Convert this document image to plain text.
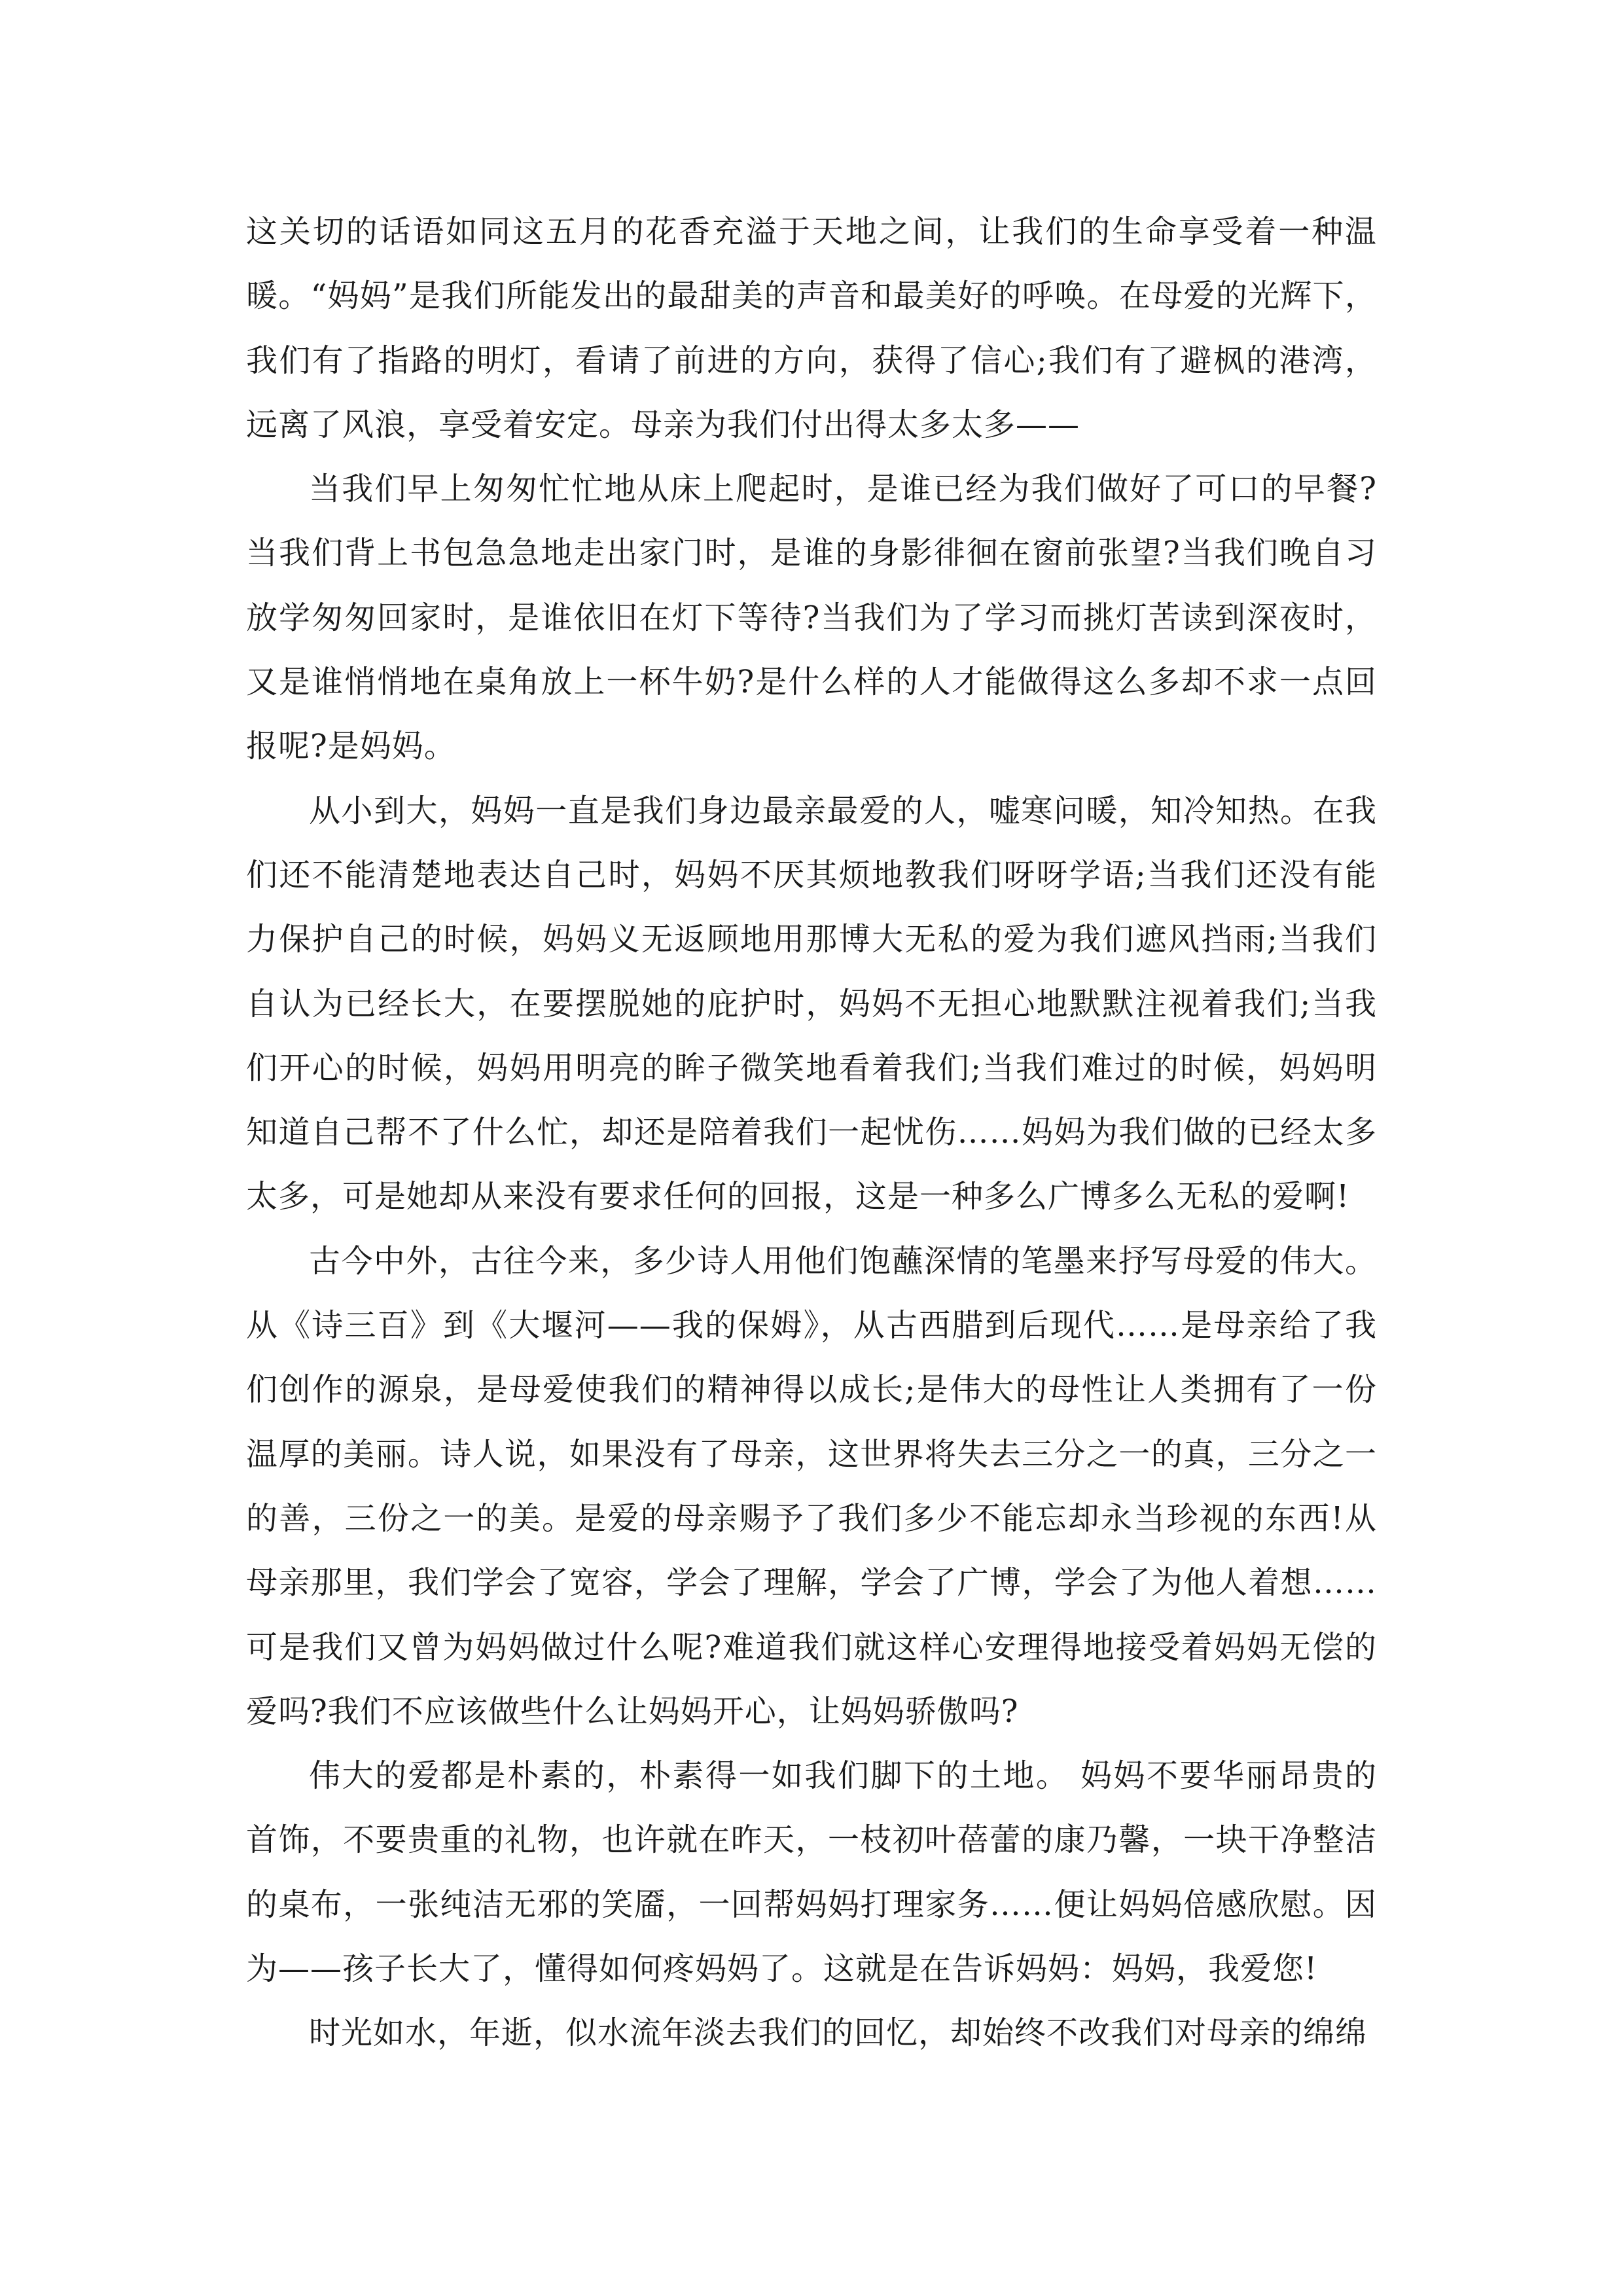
这关切的话语如同这五月的花香充溢于天地之间，让我们的生命享受着一种温暖。“妈妈”是我们所能发出的最甜美的声音和最美好的呼唤。在母爱的光辉下，我们有了指路的明灯，看请了前进的方向，获得了信心;我们有了避枫的港湾，远离了风浪，享受着安定。母亲为我们付出得太多太多——

当我们早上匆匆忙忙地从床上爬起时，是谁已经为我们做好了可口的早餐?当我们背上书包急急地走出家门时，是谁的身影徘徊在窗前张望?当我们晚自习放学匆匆回家时，是谁依旧在灯下等待?当我们为了学习而挑灯苦读到深夜时，又是谁悄悄地在桌角放上一杯牛奶?是什么样的人才能做得这么多却不求一点回报呢?是妈妈。

从小到大，妈妈一直是我们身边最亲最爱的人，嘘寒问暖，知冷知热。在我们还不能清楚地表达自己时，妈妈不厌其烦地教我们呀呀学语;当我们还没有能力保护自己的时候，妈妈义无返顾地用那博大无私的爱为我们遮风挡雨;当我们自认为已经长大，在要摆脱她的庇护时，妈妈不无担心地默默注视着我们;当我们开心的时候，妈妈用明亮的眸子微笑地看着我们;当我们难过的时候，妈妈明知道自己帮不了什么忙，却还是陪着我们一起忧伤……妈妈为我们做的已经太多太多，可是她却从来没有要求任何的回报，这是一种多么广博多么无私的爱啊!

古今中外，古往今来，多少诗人用他们饱蘸深情的笔墨来抒写母爱的伟大。从《诗三百》到《大堰河——我的保姆》，从古西腊到后现代……是母亲给了我们创作的源泉，是母爱使我们的精神得以成长;是伟大的母性让人类拥有了一份温厚的美丽。诗人说，如果没有了母亲，这世界将失去三分之一的真，三分之一的善，三份之一的美。是爱的母亲赐予了我们多少不能忘却永当珍视的东西!从母亲那里，我们学会了宽容，学会了理解，学会了广博，学会了为他人着想……可是我们又曾为妈妈做过什么呢?难道我们就这样心安理得地接受着妈妈无偿的爱吗?我们不应该做些什么让妈妈开心，让妈妈骄傲吗?

伟大的爱都是朴素的，朴素得一如我们脚下的土地。 妈妈不要华丽昂贵的首饰，不要贵重的礼物，也许就在昨天，一枝初叶蓓蕾的康乃馨，一块干净整洁的桌布，一张纯洁无邪的笑靥，一回帮妈妈打理家务……便让妈妈倍感欣慰。因为——孩子长大了，懂得如何疼妈妈了。这就是在告诉妈妈：妈妈，我爱您!

时光如水，年逝，似水流年淡去我们的回忆，却始终不改我们对母亲的绵绵
